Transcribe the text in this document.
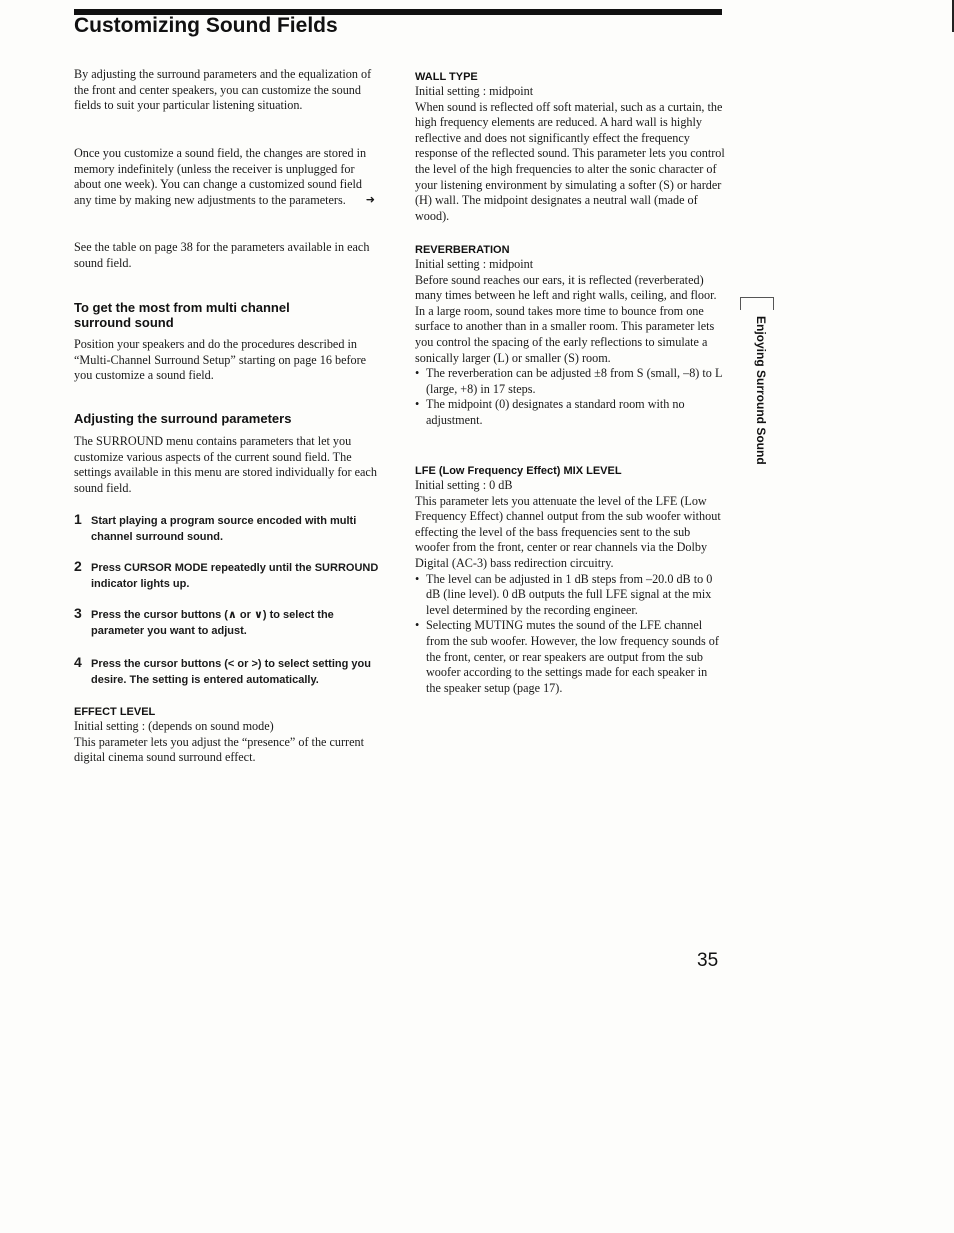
Customizing Sound Fields

By adjusting the surround parameters and the equalization of the front and center speakers, you can customize the sound fields to suit your particular listening situation.

Once you customize a sound field, the changes are stored in memory indefinitely (unless the receiver is unplugged for about one week). You can change a customized sound field any time by making new adjustments to the parameters.	➜

See the table on page 38 for the parameters available in each sound field.

To get the most from multi channel surround sound

Position your speakers and do the procedures described in “Multi-Channel Surround Setup” starting on page 16 before you customize a sound field.

Adjusting the surround parameters

The SURROUND menu contains parameters that let you customize various aspects of the current sound field. The settings available in this menu are stored individually for each sound field.

1 Start playing a program source encoded with multi channel surround sound.
2 Press CURSOR MODE repeatedly until the SURROUND indicator lights up.
3 Press the cursor buttons (∧ or ∨) to select the parameter you want to adjust.
4 Press the cursor buttons (< or >) to select setting you desire. The setting is entered automatically.
EFFECT LEVEL

Initial setting : (depends on sound mode)

This parameter lets you adjust the “presence” of the current digital cinema sound surround effect.

WALL TYPE

Initial setting : midpoint

When sound is reflected off soft material, such as a curtain, the high frequency elements are reduced. A hard wall is highly reflective and does not significantly effect the frequency response of the reflected sound. This parameter lets you control the level of the high frequencies to alter the sonic character of your listening environment by simulating a softer (S) or harder (H) wall. The midpoint designates a neutral wall (made of wood).

REVERBERATION

Initial setting : midpoint

Before sound reaches our ears, it is reflected (reverberated) many times between he left and right walls, ceiling, and floor. In a large room, sound takes more time to bounce from one surface to another than in a smaller room. This parameter lets you control the spacing of the early reflections to simulate a sonically larger (L) or smaller (S) room.

• The reverberation can be adjusted ±8 from S (small, –8) to L (large, +8) in 17 steps.
• The midpoint (0) designates a standard room with no adjustment.
LFE (Low Frequency Effect) MIX LEVEL

Initial setting : 0 dB

This parameter lets you attenuate the level of the LFE (Low Frequency Effect) channel output from the sub woofer without effecting the level of the bass frequencies sent to the sub woofer from the front, center or rear channels via the Dolby Digital (AC-3) bass redirection circuitry.

• The level can be adjusted in 1 dB steps from –20.0 dB to 0 dB (line level). 0 dB outputs the full LFE signal at the mix level determined by the recording engineer.
• Selecting MUTING mutes the sound of the LFE channel from the sub woofer. However, the low frequency sounds of the front, center, or rear speakers are output from the sub woofer according to the settings made for each speaker in the speaker setup (page 17).
Enjoying Surround Sound
35
